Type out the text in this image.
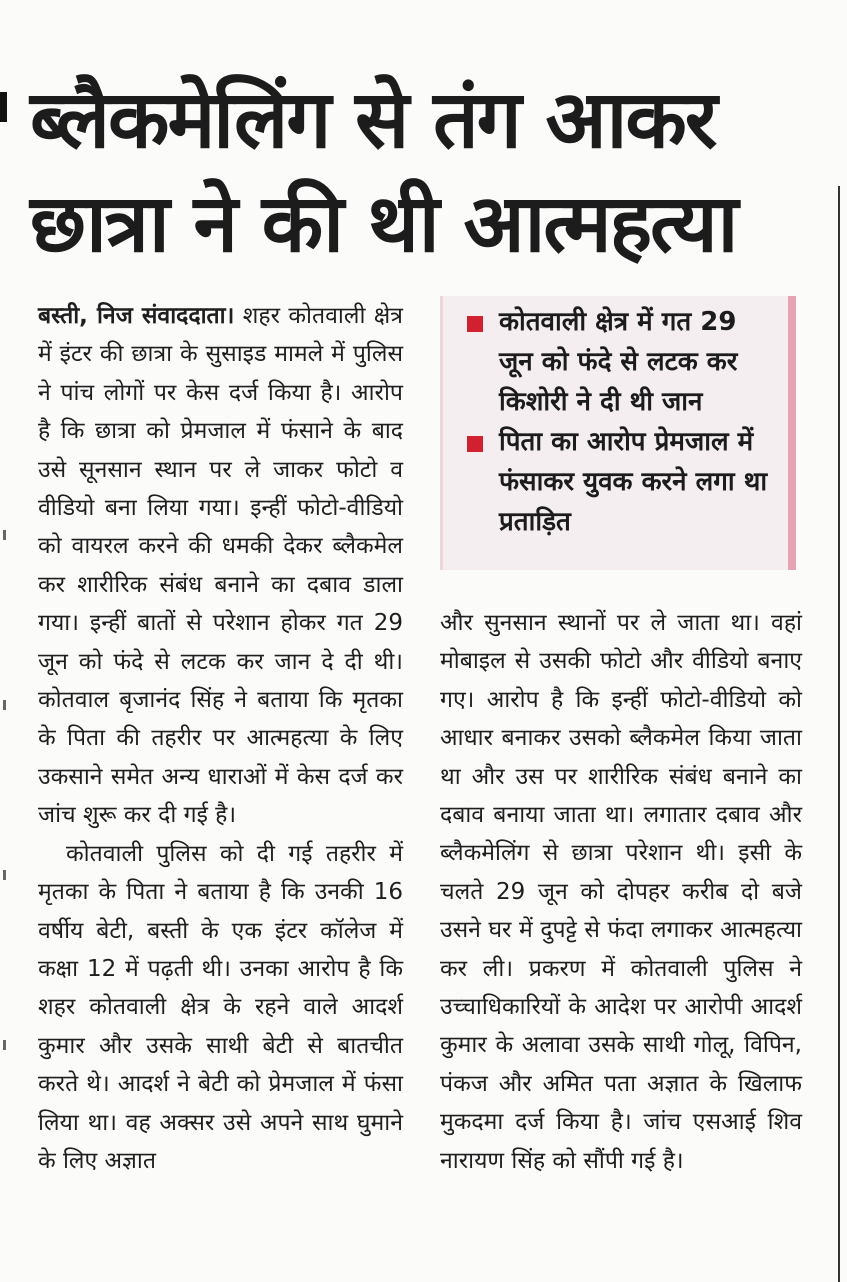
ब्लैकमेलिंग से तंग आकर छात्रा ने की थी आत्महत्या

कोतवाली क्षेत्र में गत 29 जून को फंदे से लटक कर किशोरी ने दी थी जान

पिता का आरोप प्रेमजाल में फंसाकर युवक करने लगा था प्रताड़ित

बस्ती, निज संवाददाता। शहर कोतवाली क्षेत्र में इंटर की छात्रा के सुसाइड मामले में पुलिस ने पांच लोगों पर केस दर्ज किया है। आरोप है कि छात्रा को प्रेमजाल में फंसाने के बाद उसे सूनसान स्थान पर ले जाकर फोटो व वीडियो बना लिया गया। इन्हीं फोटो-वीडियो को वायरल करने की धमकी देकर ब्लैकमेल कर शारीरिक संबंध बनाने का दबाव डाला गया। इन्हीं बातों से परेशान होकर गत 29 जून को फंदे से लटक कर जान दे दी थी। कोतवाल बृजानंद सिंह ने बताया कि मृतका के पिता की तहरीर पर आत्महत्या के लिए उकसाने समेत अन्य धाराओं में केस दर्ज कर जांच शुरू कर दी गई है।

कोतवाली पुलिस को दी गई तहरीर में मृतका के पिता ने बताया है कि उनकी 16 वर्षीय बेटी, बस्ती के एक इंटर कॉलेज में कक्षा 12 में पढ़ती थी। उनका आरोप है कि शहर कोतवाली क्षेत्र के रहने वाले आदर्श कुमार और उसके साथी बेटी से बातचीत करते थे। आदर्श ने बेटी को प्रेमजाल में फंसा लिया था। वह अक्सर उसे अपने साथ घुमाने के लिए अज्ञात

और सुनसान स्थानों पर ले जाता था। वहां मोबाइल से उसकी फोटो और वीडियो बनाए गए। आरोप है कि इन्हीं फोटो-वीडियो को आधार बनाकर उसको ब्लैकमेल किया जाता था और उस पर शारीरिक संबंध बनाने का दबाव बनाया जाता था। लगातार दबाव और ब्लैकमेलिंग से छात्रा परेशान थी। इसी के चलते 29 जून को दोपहर करीब दो बजे उसने घर में दुपट्टे से फंदा लगाकर आत्महत्या कर ली। प्रकरण में कोतवाली पुलिस ने उच्चाधिकारियों के आदेश पर आरोपी आदर्श कुमार के अलावा उसके साथी गोलू, विपिन, पंकज और अमित पता अज्ञात के खिलाफ मुकदमा दर्ज किया है। जांच एसआई शिव नारायण सिंह को सौंपी गई है।
